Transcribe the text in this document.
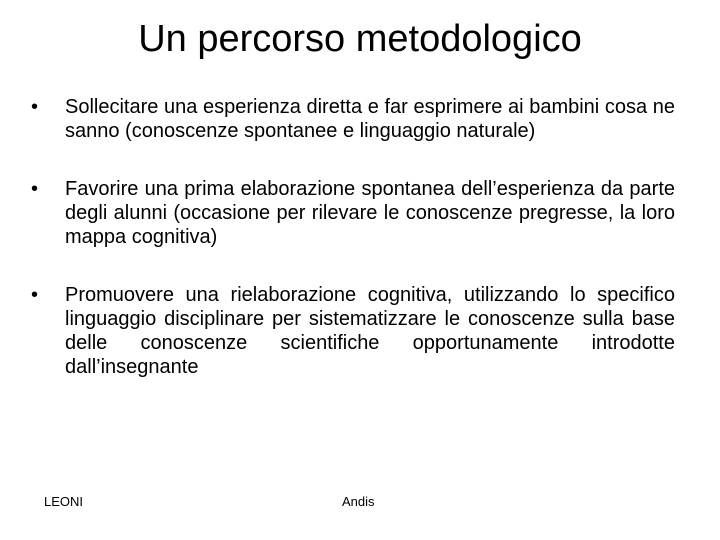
Un percorso metodologico
• Sollecitare una esperienza diretta e far esprimere ai bambini cosa ne sanno (conoscenze spontanee e linguaggio naturale)
• Favorire una prima elaborazione spontanea dell’esperienza da parte degli alunni (occasione per rilevare le conoscenze pregresse, la loro mappa cognitiva)
• Promuovere una rielaborazione cognitiva, utilizzando lo specifico linguaggio disciplinare per sistematizzare le conoscenze sulla base delle conoscenze scientifiche opportunamente introdotte dall’insegnante
LEONI	Andis
